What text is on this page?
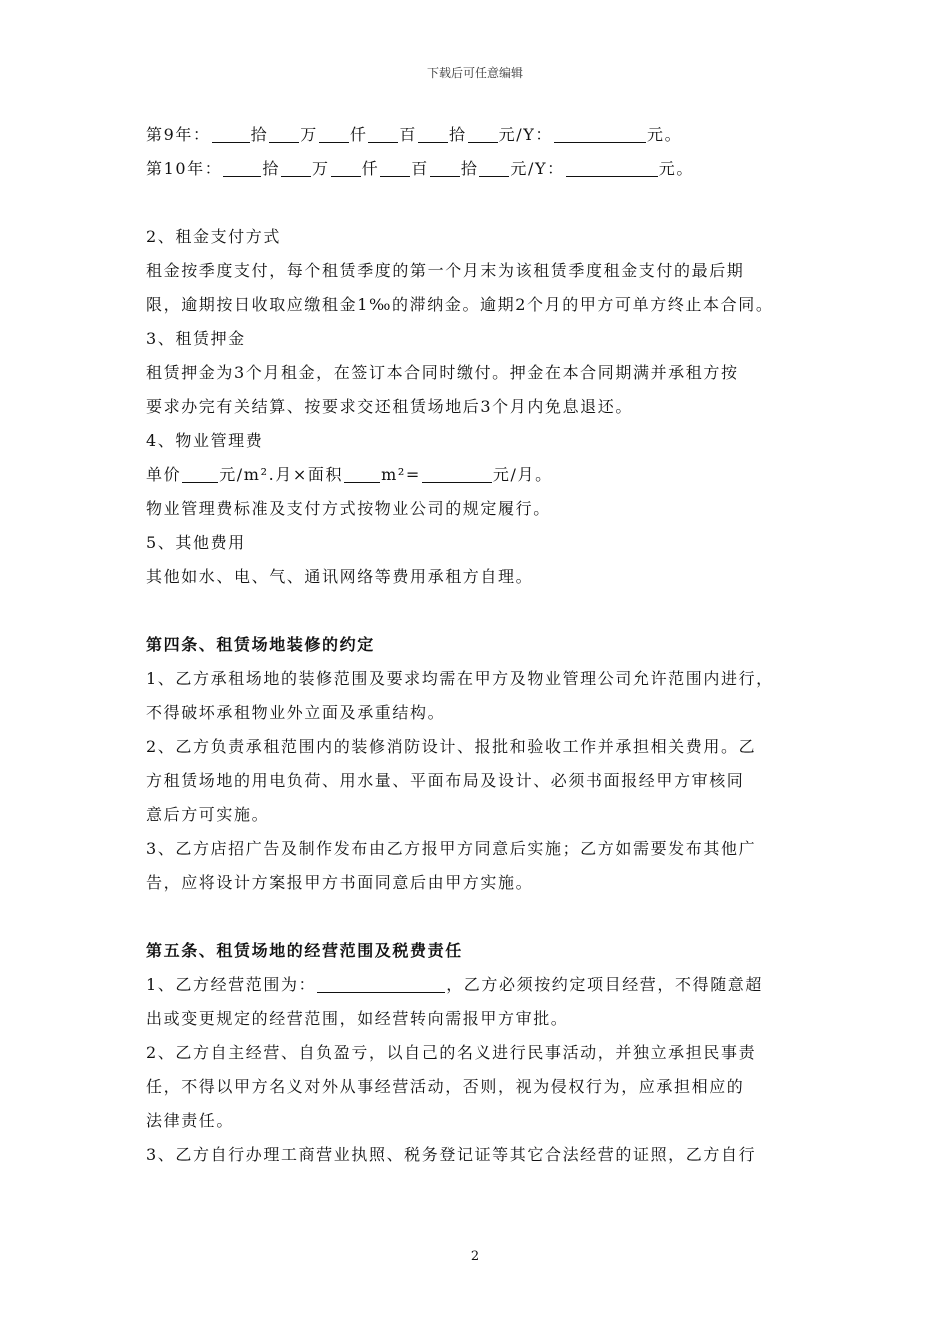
下载后可任意编辑
第9年：	拾 万 仟 百 拾 元/Y：	元。
第10年：	拾 万 仟 百 拾 元/Y：	元。
2、租金支付方式
租金按季度支付，每个租赁季度的第一个月末为该租赁季度租金支付的最后期
限，逾期按日收取应缴租金1‰的滞纳金。逾期2个月的甲方可单方终止本合同。
3、租赁押金
租赁押金为3个月租金，在签订本合同时缴付。押金在本合同期满并承租方按
要求办完有关结算、按要求交还租赁场地后3个月内免息退还。
4、物业管理费
单价 元/m².月×面积 m²=	元/月。
物业管理费标准及支付方式按物业公司的规定履行。
5、其他费用
其他如水、电、气、通讯网络等费用承租方自理。
第四条、租赁场地装修的约定
1、乙方承租场地的装修范围及要求均需在甲方及物业管理公司允许范围内进行，
不得破坏承租物业外立面及承重结构。
2、乙方负责承租范围内的装修消防设计、报批和验收工作并承担相关费用。乙
方租赁场地的用电负荷、用水量、平面布局及设计、必须书面报经甲方审核同
意后方可实施。
3、乙方店招广告及制作发布由乙方报甲方同意后实施；乙方如需要发布其他广
告，应将设计方案报甲方书面同意后由甲方实施。
第五条、租赁场地的经营范围及税费责任
1、乙方经营范围为：	，乙方必须按约定项目经营，不得随意超
出或变更规定的经营范围，如经营转向需报甲方审批。
2、乙方自主经营、自负盈亏，以自己的名义进行民事活动，并独立承担民事责
任，不得以甲方名义对外从事经营活动，否则，视为侵权行为，应承担相应的
法律责任。
3、乙方自行办理工商营业执照、税务登记证等其它合法经营的证照，乙方自行
2
